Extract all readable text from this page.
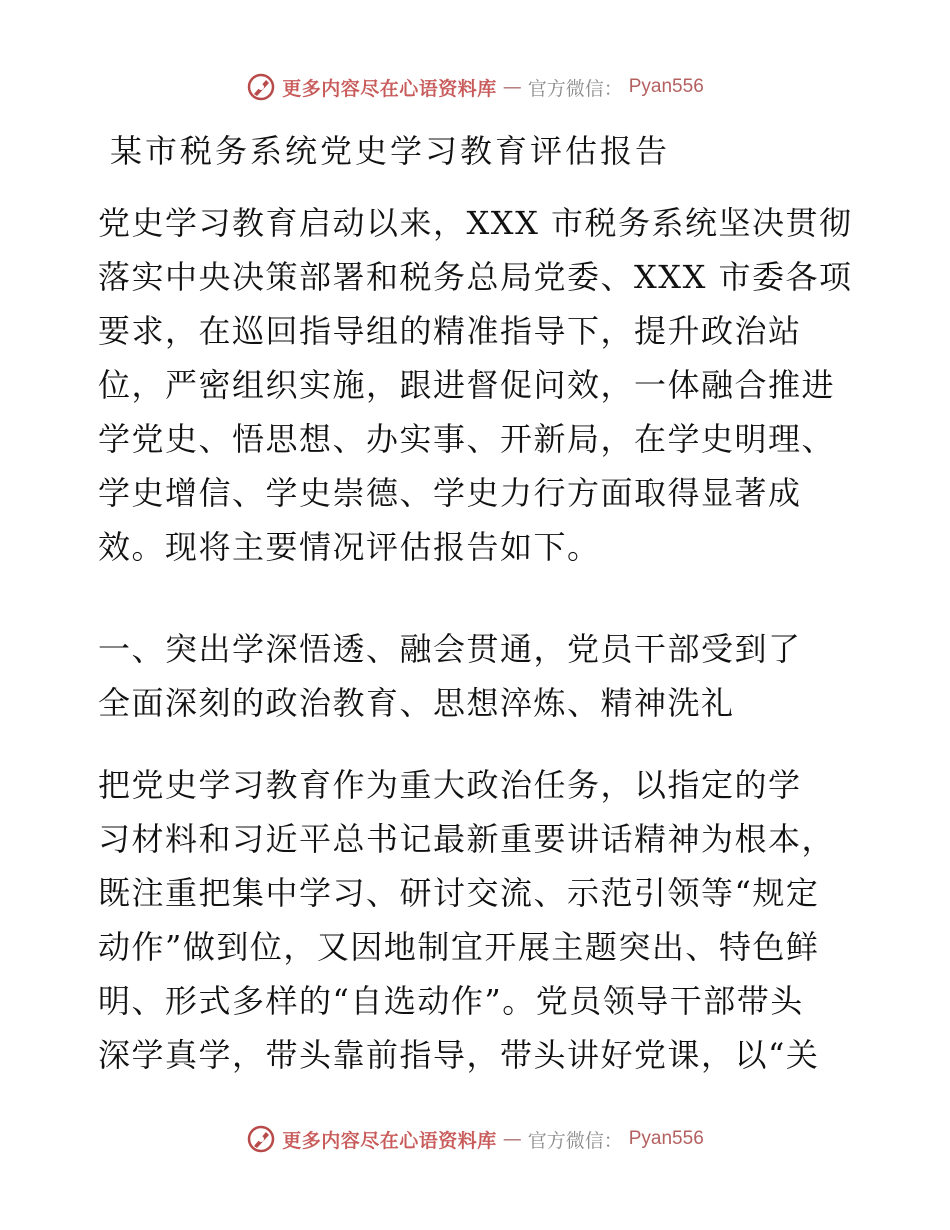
更多内容尽在心语资料库 — 官方微信： Pyan556
某市税务系统党史学习教育评估报告

党史学习教育启动以来，XXX 市税务系统坚决贯彻
落实中央决策部署和税务总局党委、XXX 市委各项
要求，在巡回指导组的精准指导下，提升政治站
位，严密组织实施，跟进督促问效，一体融合推进
学党史、悟思想、办实事、开新局，在学史明理、
学史增信、学史崇德、学史力行方面取得显著成
效。现将主要情况评估报告如下。

一、突出学深悟透、融会贯通，党员干部受到了
全面深刻的政治教育、思想淬炼、精神洗礼

把党史学习教育作为重大政治任务，以指定的学
习材料和习近平总书记最新重要讲话精神为根本，
既注重把集中学习、研讨交流、示范引领等“规定
动作”做到位，又因地制宜开展主题突出、特色鲜
明、形式多样的“自选动作”。党员领导干部带头
深学真学，带头靠前指导，带头讲好党课，以“关

更多内容尽在心语资料库 — 官方微信： Pyan556
